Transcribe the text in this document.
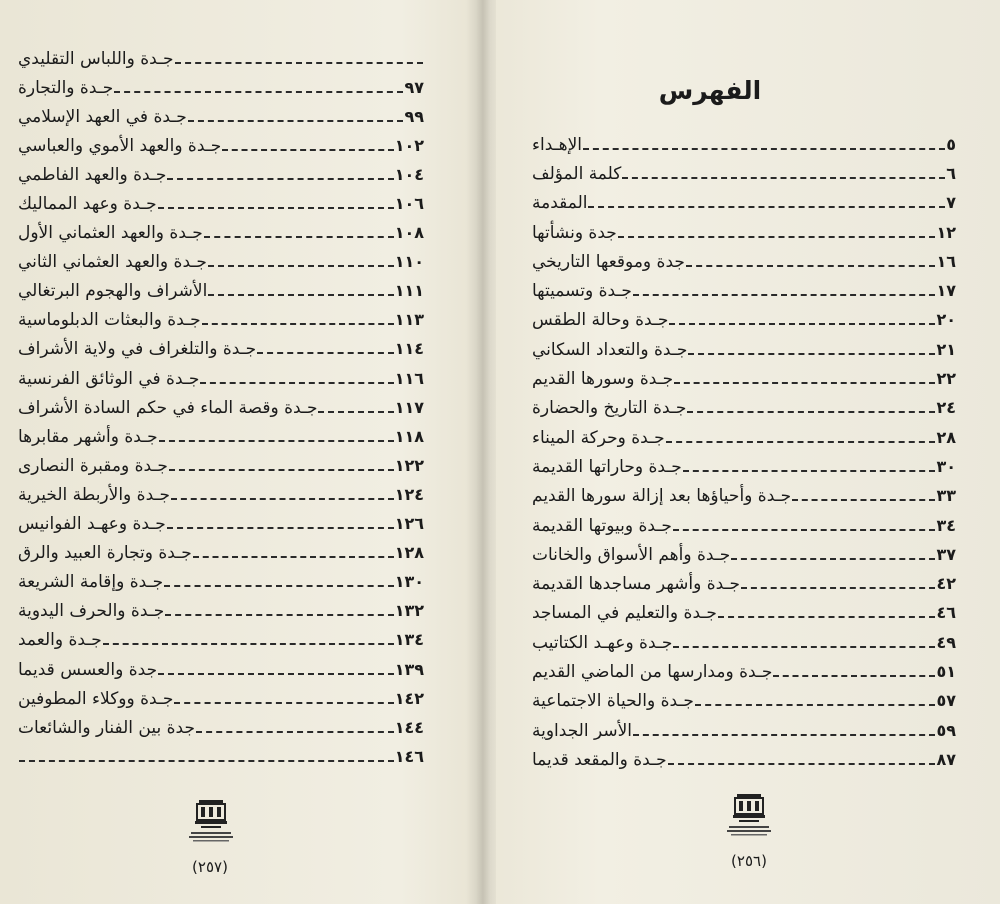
جـدة واللباس التقليدي
جـدة والتجارة	٩٧
جـدة في العهد الإسلامي	٩٩
جـدة والعهد الأموي والعباسي	١٠٢
جـدة والعهد الفاطمي	١٠٤
جـدة وعهد المماليك	١٠٦
جـدة والعهد العثماني الأول	١٠٨
جـدة والعهد العثماني الثاني	١١٠
الأشراف والهجوم البرتغالي	١١١
جـدة والبعثات الدبلوماسية	١١٣
جـدة والتلغراف في ولاية الأشراف	١١٤
جـدة في الوثائق الفرنسية	١١٦
جـدة وقصة الماء في حكم السادة الأشراف	١١٧
جـدة وأشهر مقابرها	١١٨
جـدة ومقبرة النصارى	١٢٢
جـدة والأربطة الخيرية	١٢٤
جـدة وعهـد الفوانيس	١٢٦
جـدة وتجارة العبيد والرق	١٢٨
جـدة وإقامة الشريعة	١٣٠
جـدة والحرف اليدوية	١٣٢
جـدة والعمد	١٣٤
جدة والعسس قديما	١٣٩
جـدة ووكلاء المطوفين	١٤٢
جدة بين الفنار والشائعات	١٤٤
١٤٦
(٢٥٧)

الفهرس
الإهـداء	٥
كلمة المؤلف	٦
المقدمة	٧
جدة ونشأتها	١٢
جدة وموقعها التاريخي	١٦
جـدة وتسميتها	١٧
جـدة وحالة الطقس	٢٠
جـدة والتعداد السكاني	٢١
جـدة وسورها القديم	٢٢
جـدة التاريخ والحضارة	٢٤
جـدة وحركة الميناء	٢٨
جـدة وحاراتها القديمة	٣٠
جـدة وأحياؤها بعد إزالة سورها القديم	٣٣
جـدة وبيوتها القديمة	٣٤
جـدة وأهم الأسواق والخانات	٣٧
جـدة وأشهر مساجدها القديمة	٤٢
جـدة والتعليم في المساجد	٤٦
جـدة وعهـد الكتاتيب	٤٩
جـدة ومدارسها من الماضي القديم	٥١
جـدة والحياة الاجتماعية	٥٧
الأسر الجداوية	٥٩
جـدة والمقعد قديما	٨٧
(٢٥٦)
